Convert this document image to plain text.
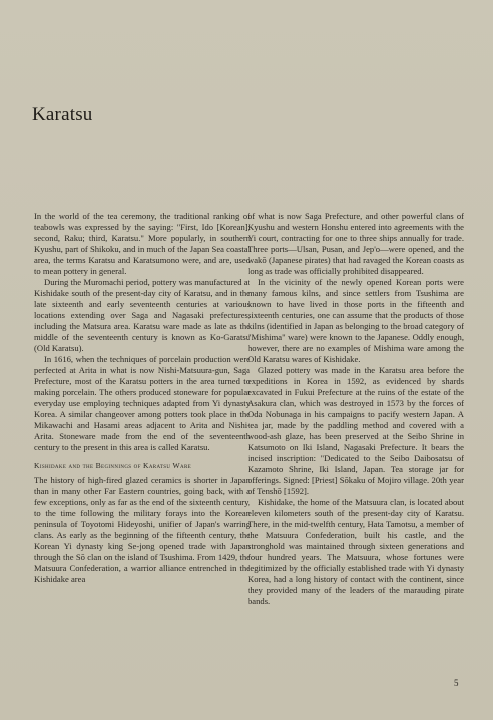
Karatsu

In the world of the tea ceremony, the traditional ranking of teabowls was expressed by the saying: "First, Ido [Korean]; second, Raku; third, Karatsu." More popularly, in southern Kyushu, part of Shikoku, and in much of the Japan Sea coastal area, the terms Karatsu and Karatsumono were, and are, used to mean pottery in general.

During the Muromachi period, pottery was manufactured at Kishidake south of the present-day city of Karatsu, and in the late sixteenth and early seventeenth centuries at various locations extending over Saga and Nagasaki prefectures, including the Matsura area. Karatsu ware made as late as the middle of the seventeenth century is known as Ko-Garatsu (Old Karatsu).

In 1616, when the techniques of porcelain production were perfected at Arita in what is now Nishi-Matsuura-gun, Saga Prefecture, most of the Karatsu potters in the area turned to making porcelain. The others produced stoneware for popular everyday use employing techniques adapted from Yi dynasty Korea. A similar changeover among potters took place in the Mikawachi and Hasami areas adjacent to Arita and Nishi-Arita. Stoneware made from the end of the seventeenth century to the present in this area is called Karatsu.

Kishidake and the Beginnings of Karatsu Ware

The history of high-fired glazed ceramics is shorter in Japan than in many other Far Eastern countries, going back, with a few exceptions, only as far as the end of the sixteenth century, to the time following the military forays into the Korean peninsula of Toyotomi Hideyoshi, unifier of Japan's warring clans. As early as the beginning of the fifteenth century, the Korean Yi dynasty king Se-jong opened trade with Japan through the Sō clan on the island of Tsushima. From 1429, the Matsuura Confederation, a warrior alliance entrenched in the Kishidake area

of what is now Saga Prefecture, and other powerful clans of Kyushu and western Honshu entered into agreements with the Yi court, contracting for one to three ships annually for trade. Three ports—Ulsan, Pusan, and Jep'o—were opened, and the wakō (Japanese pirates) that had ravaged the Korean coasts as long as trade was officially prohibited disappeared.

In the vicinity of the newly opened Korean ports were many famous kilns, and since settlers from Tsushima are known to have lived in those ports in the fifteenth and sixteenth centuries, one can assume that the products of those kilns (identified in Japan as belonging to the broad category of "Mishima" ware) were known to the Japanese. Oddly enough, however, there are no examples of Mishima ware among the Old Karatsu wares of Kishidake.

Glazed pottery was made in the Karatsu area before the expeditions in Korea in 1592, as evidenced by shards excavated in Fukui Prefecture at the ruins of the estate of the Asakura clan, which was destroyed in 1573 by the forces of Oda Nobunaga in his campaigns to pacify western Japan. A tea jar, made by the paddling method and covered with a wood-ash glaze, has been preserved at the Seibo Shrine in Katsumoto on Iki Island, Nagasaki Prefecture. It bears the incised inscription: "Dedicated to the Seibo Daibosatsu of Kazamoto Shrine, Iki Island, Japan. Tea storage jar for offerings. Signed: [Priest] Sōkaku of Mojiro village. 20th year of Tenshō [1592].

Kishidake, the home of the Matsuura clan, is located about eleven kilometers south of the present-day city of Karatsu. There, in the mid-twelfth century, Hata Tamotsu, a member of the Matsuura Confederation, built his castle, and the stronghold was maintained through sixteen generations and four hundred years. The Matsuura, whose fortunes were legitimized by the officially established trade with Yi dynasty Korea, had a long history of contact with the continent, since they provided many of the leaders of the marauding pirate bands.

5
